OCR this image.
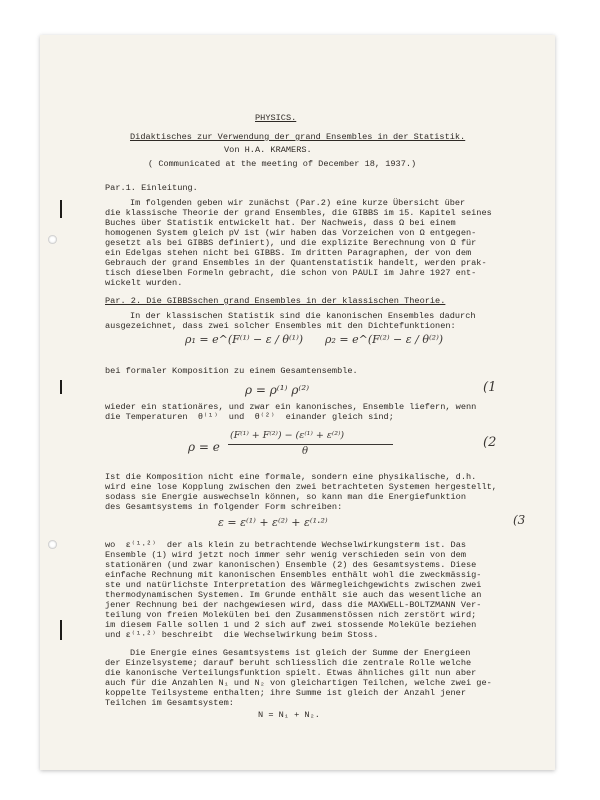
PHYSICS.
Didaktisches zur Verwendung der grand Ensembles in der Statistik.
Von H.A. KRAMERS.
( Communicated at the meeting of December 18, 1937.)
Par.1. Einleitung.
Im folgenden geben wir zunächst (Par.2) eine kurze Übersicht über
die klassische Theorie der grand Ensembles, die GIBBS im 15. Kapitel seines
Buches über Statistik entwickelt hat. Der Nachweis, dass Ω bei einem
homogenen System gleich pV ist (wir haben das Vorzeichen von Ω entgegen-
gesetzt als bei GIBBS definiert), und die explizite Berechnung von Ω für
ein Edelgas stehen nicht bei GIBBS. Im dritten Paragraphen, der von dem
Gebrauch der grand Ensembles in der Quantenstatistik handelt, werden prak-
tisch dieselben Formeln gebracht, die schon von PAULI im Jahre 1927 ent-
wickelt wurden.
Par. 2. Die GIBBSschen grand Ensembles in der klassischen Theorie.
In der klassischen Statistik sind die kanonischen Ensembles dadurch
ausgezeichnet, dass zwei solcher Ensembles mit den Dichtefunktionen:
ρ₁ = e^(F⁽¹⁾ − ε / θ⁽¹⁾) ρ₂ = e^(F⁽²⁾ − ε / θ⁽²⁾)
bei formaler Komposition zu einem Gesamtensemble.
ρ = ρ⁽¹⁾ ρ⁽²⁾	(1
wieder ein stationäres, und zwar ein kanonisches, Ensemble liefern, wenn
die Temperaturen  θ⁽¹⁾  und  θ⁽²⁾  einander gleich sind;
(F⁽¹⁾ + F⁽²⁾) − (ε⁽¹⁾ + ε⁽²⁾)
θ
ρ = e	(2
Ist die Komposition nicht eine formale, sondern eine physikalische, d.h.
wird eine lose Kopplung zwischen den zwei betrachteten Systemen hergestellt,
sodass sie Energie auswechseln können, so kann man die Energiefunktion
des Gesamtsystems in folgender Form schreiben:
ε = ε⁽¹⁾ + ε⁽²⁾ + ε⁽¹·²⁾	(3
wo  ε⁽¹·²⁾  der als klein zu betrachtende Wechselwirkungsterm ist. Das
Ensemble (1) wird jetzt noch immer sehr wenig verschieden sein von dem
stationären (und zwar kanonischen) Ensemble (2) des Gesamtsystems. Diese
einfache Rechnung mit kanonischen Ensembles enthält wohl die zweckmässig-
ste und natürlichste Interpretation des Wärmegleichgewichts zwischen zwei
thermodynamischen Systemen. Im Grunde enthält sie auch das wesentliche an
jener Rechnung bei der nachgewiesen wird, dass die MAXWELL-BOLTZMANN Ver-
teilung von freien Molekülen bei den Zusammenstössen nich zerstört wird;
im diesem Falle sollen 1 und 2 sich auf zwei stossende Moleküle beziehen
und ε⁽¹·²⁾ beschreibt  die Wechselwirkung beim Stoss.
Die Energie eines Gesamtsystems ist gleich der Summe der Energieen
der Einzelsysteme; darauf beruht schliesslich die zentrale Rolle welche
die kanonische Verteilungsfunktion spielt. Etwas ähnliches gilt nun aber
auch für die Anzahlen N₁ und N₂ von gleichartigen Teilchen, welche zwei ge-
koppelte Teilsysteme enthalten; ihre Summe ist gleich der Anzahl jener
Teilchen im Gesamtsystem:
N = N₁ + N₂.
